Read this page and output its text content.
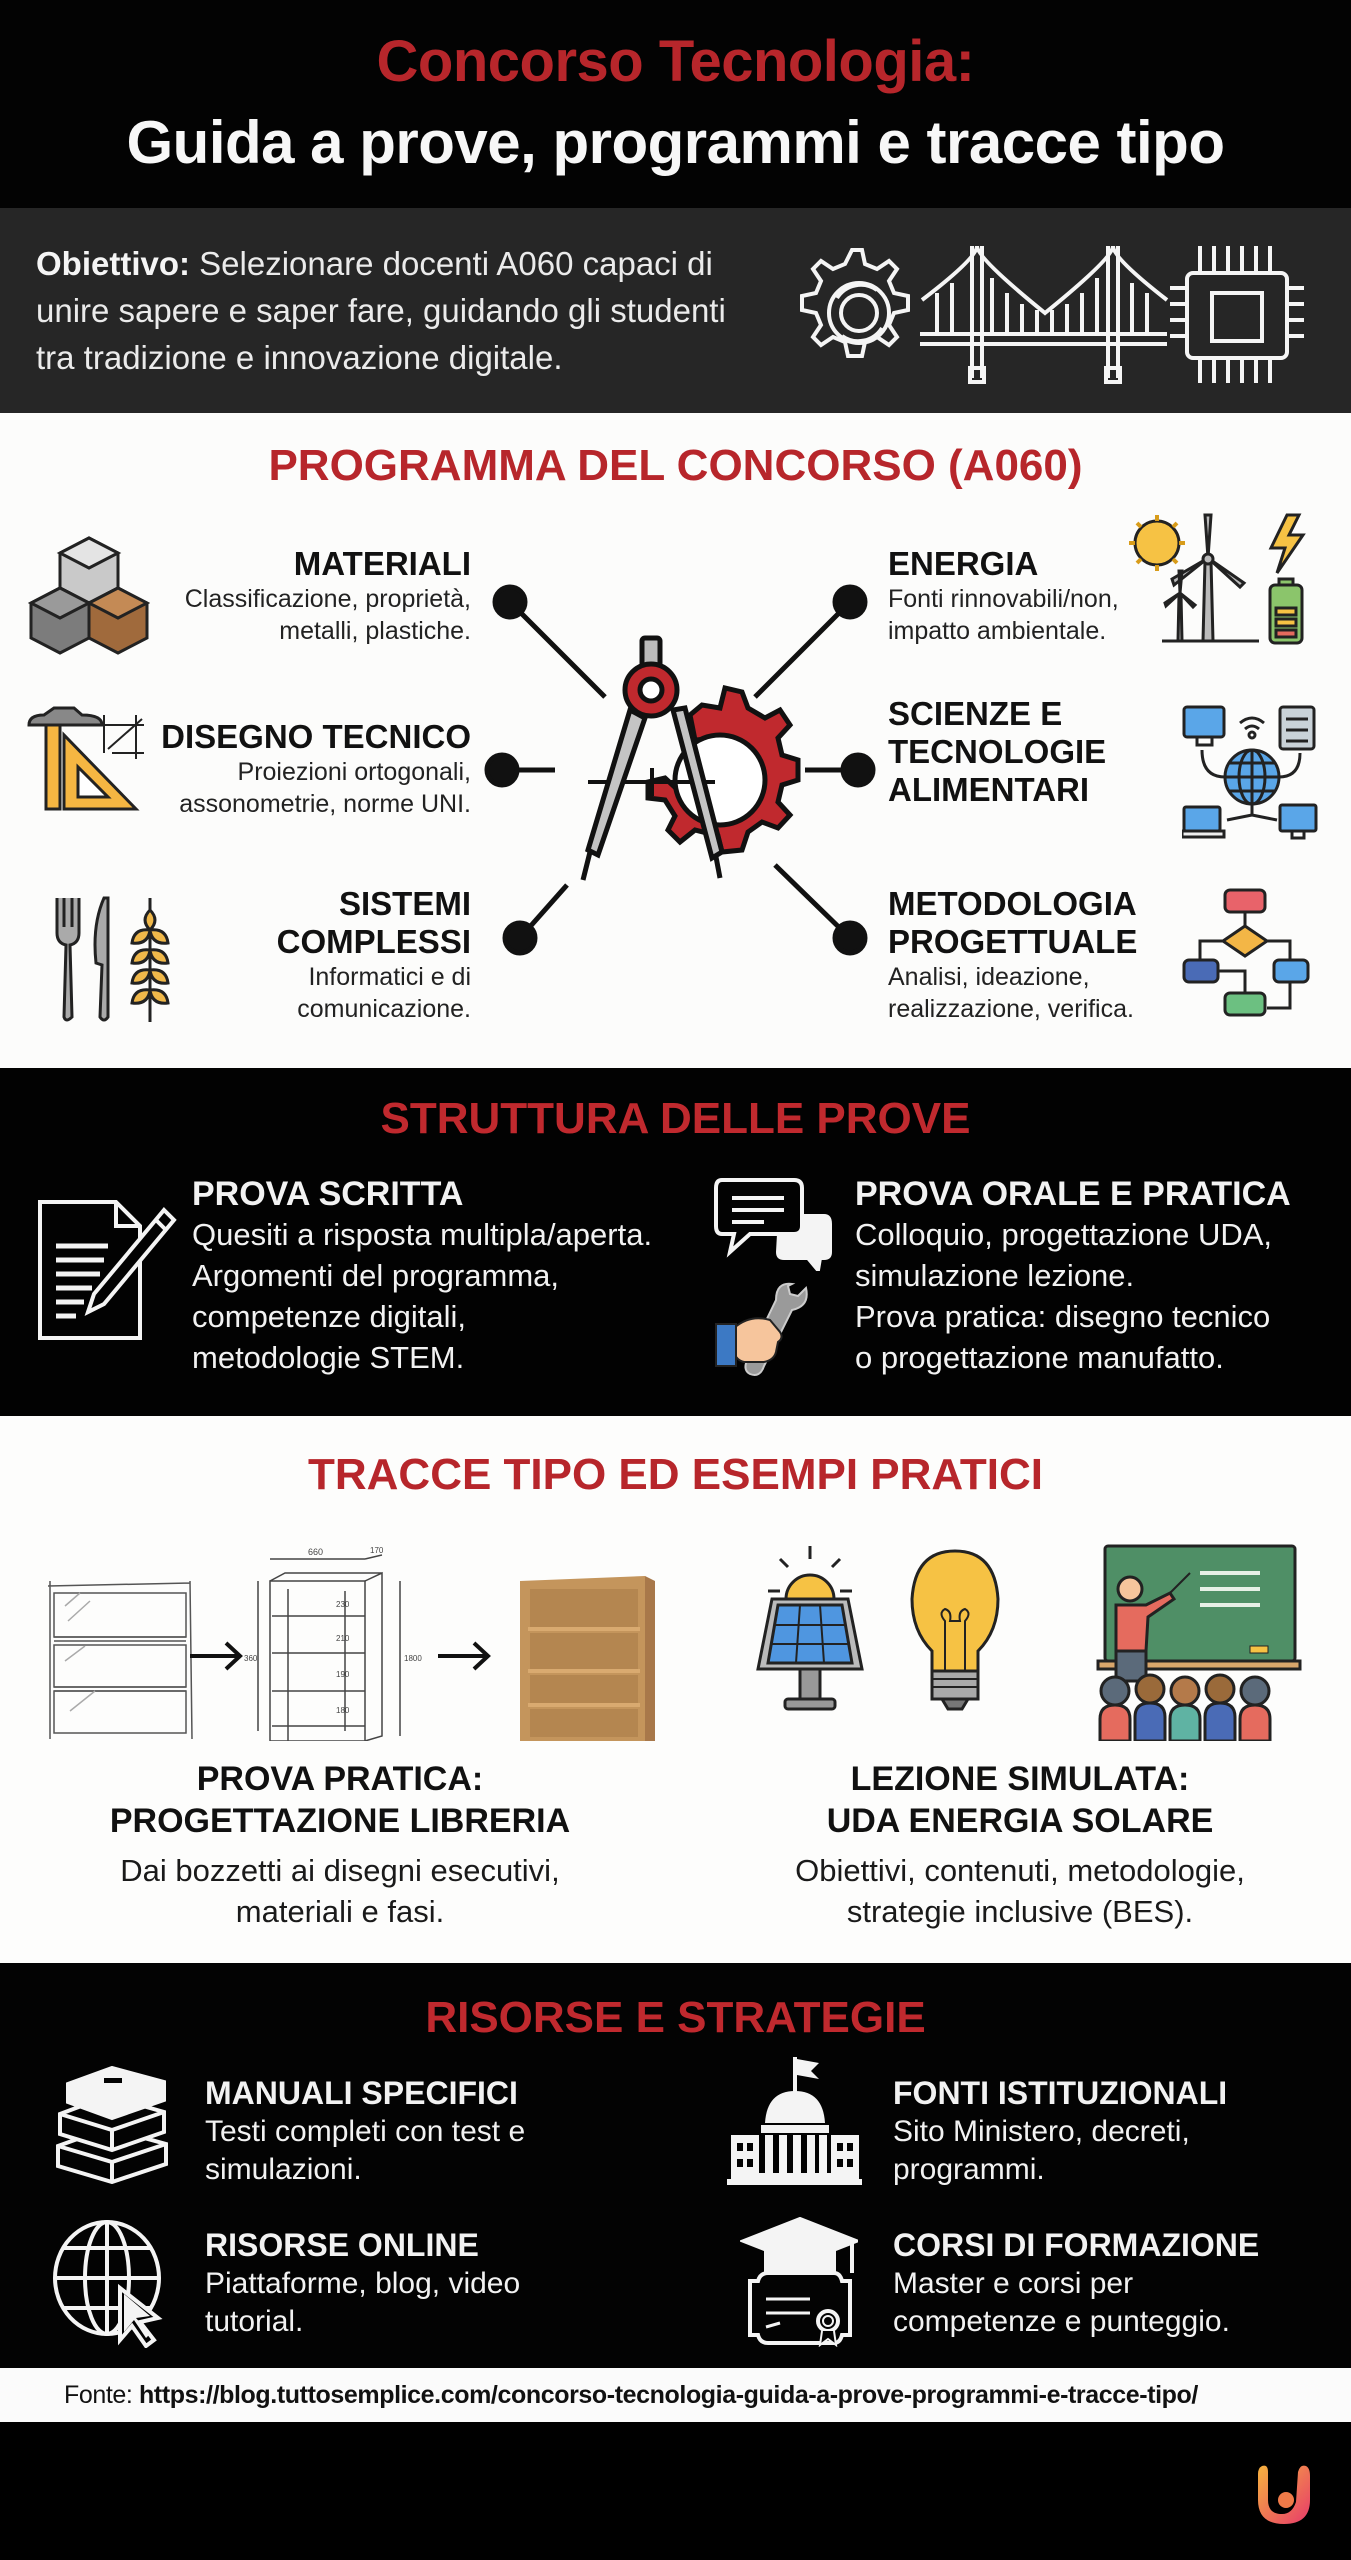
Concorso Tecnologia:
Guida a prove, programmi e tracce tipo

Obiettivo: Selezionare docenti A060 capaci di unire sapere e saper fare, guidando gli studenti tra tradizione e innovazione digitale.

PROGRAMMA DEL CONCORSO (A060)
MATERIALI
Classificazione, proprietà, metalli, plastiche.
DISEGNO TECNICO
Proiezioni ortogonali, assonometrie, norme UNI.
SISTEMI COMPLESSI
Informatici e di comunicazione.
ENERGIA
Fonti rinnovabili/non, impatto ambientale.
SCIENZE E TECNOLOGIE ALIMENTARI
METODOLOGIA PROGETTUALE
Analisi, ideazione, realizzazione, verifica.
STRUTTURA DELLE PROVE
PROVA SCRITTA
Quesiti a risposta multipla/aperta.
Argomenti del programma,
competenze digitali,
metodologie STEM.
PROVA ORALE E PRATICA
Colloquio, progettazione UDA,
simulazione lezione.
Prova pratica: disegno tecnico
o progettazione manufatto.
TRACCE TIPO ED ESEMPI PRATICI
660	170
360
230
210
190
180
1800
PROVA PRATICA:
PROGETTAZIONE LIBRERIA
Dai bozzetti ai disegni esecutivi,
materiali e fasi.
LEZIONE SIMULATA:
UDA ENERGIA SOLARE
Obiettivi, contenuti, metodologie,
strategie inclusive (BES).
RISORSE E STRATEGIE
MANUALI SPECIFICI
Testi completi con test e
simulazioni.
RISORSE ONLINE
Piattaforme, blog, video
tutorial.
FONTI ISTITUZIONALI
Sito Ministero, decreti,
programmi.
CORSI DI FORMAZIONE
Master e corsi per
competenze e punteggio.

Fonte: https://blog.tuttosemplice.com/concorso-tecnologia-guida-a-prove-programmi-e-tracce-tipo/
